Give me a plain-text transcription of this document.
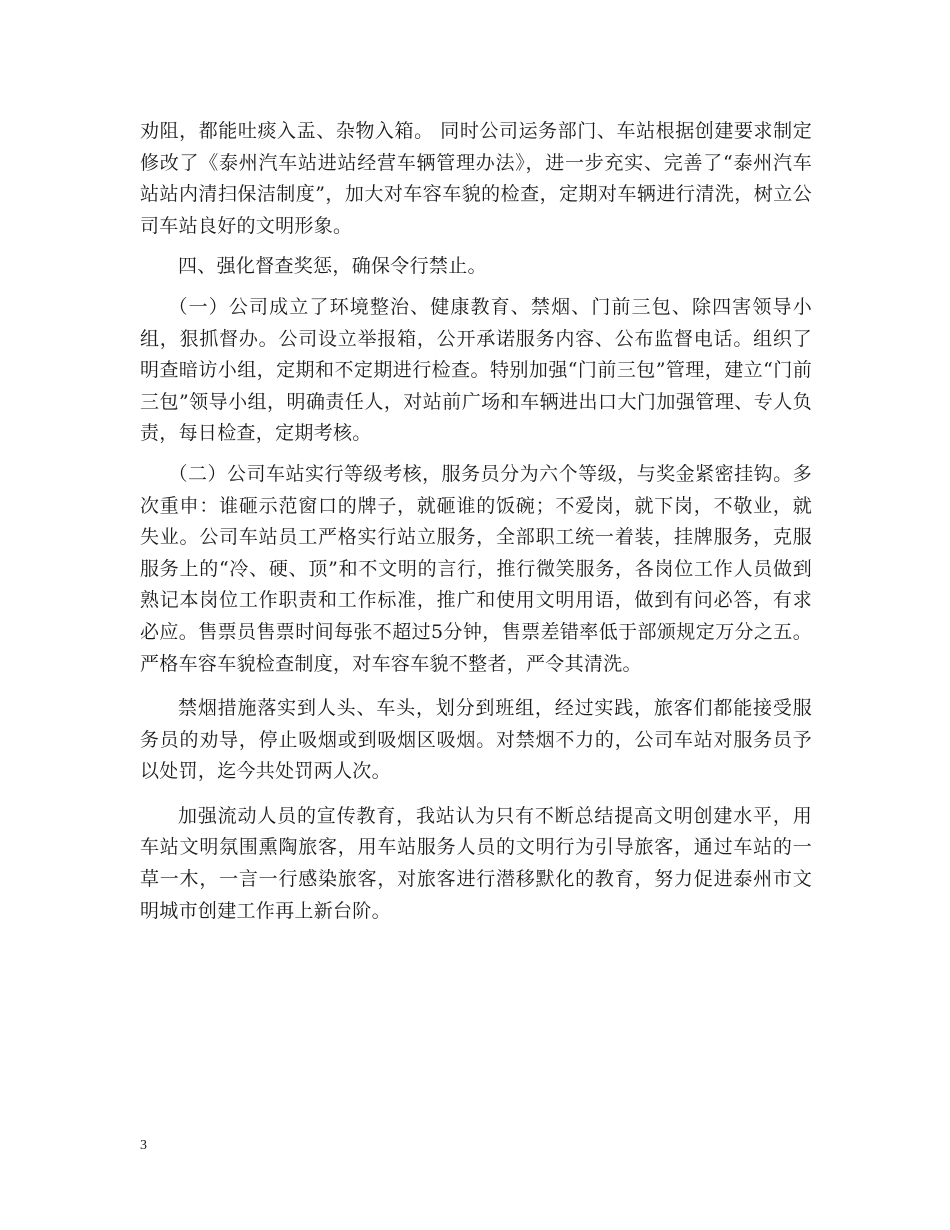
劝阻，都能吐痰入盂、杂物入箱。 同时公司运务部门、车站根据创建要求制定修改了《泰州汽车站进站经营车辆管理办法》，进一步充实、完善了“泰州汽车站站内清扫保洁制度”，加大对车容车貌的检查，定期对车辆进行清洗，树立公司车站良好的文明形象。

四、强化督查奖惩，确保令行禁止。

（一）公司成立了环境整治、健康教育、禁烟、门前三包、除四害领导小组，狠抓督办。公司设立举报箱，公开承诺服务内容、公布监督电话。组织了明查暗访小组，定期和不定期进行检查。特别加强“门前三包”管理，建立“门前三包”领导小组，明确责任人，对站前广场和车辆进出口大门加强管理、专人负责，每日检查，定期考核。

（二）公司车站实行等级考核，服务员分为六个等级，与奖金紧密挂钩。多次重申：谁砸示范窗口的牌子，就砸谁的饭碗；不爱岗，就下岗，不敬业，就失业。公司车站员工严格实行站立服务，全部职工统一着装，挂牌服务，克服服务上的“冷、硬、顶”和不文明的言行，推行微笑服务，各岗位工作人员做到熟记本岗位工作职责和工作标准，推广和使用文明用语，做到有问必答，有求必应。售票员售票时间每张不超过5分钟，售票差错率低于部颁规定万分之五。严格车容车貌检查制度，对车容车貌不整者，严令其清洗。

禁烟措施落实到人头、车头，划分到班组，经过实践，旅客们都能接受服务员的劝导，停止吸烟或到吸烟区吸烟。对禁烟不力的，公司车站对服务员予以处罚，迄今共处罚两人次。

加强流动人员的宣传教育，我站认为只有不断总结提高文明创建水平，用车站文明氛围熏陶旅客，用车站服务人员的文明行为引导旅客，通过车站的一草一木，一言一行感染旅客，对旅客进行潜移默化的教育，努力促进泰州市文明城市创建工作再上新台阶。

3
